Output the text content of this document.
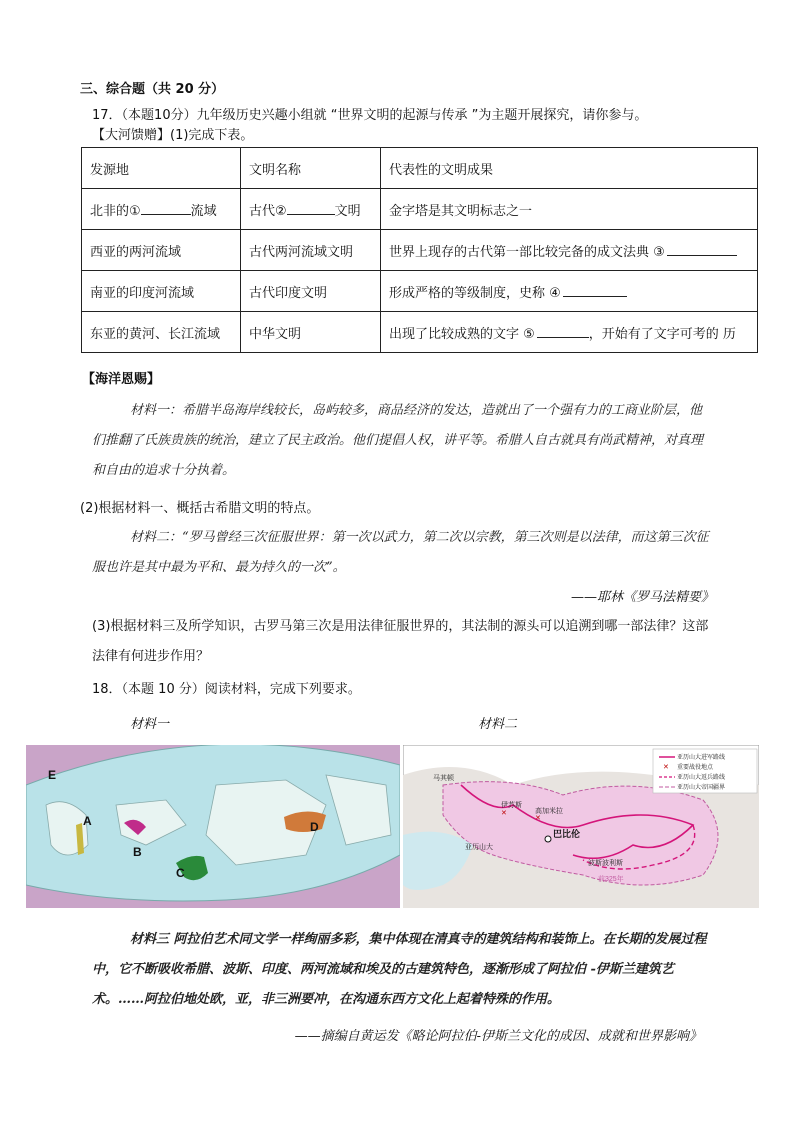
三、综合题（共 20 分）
17．（本题10分）九年级历史兴趣小组就 “世界文明的起源与传承 ”为主题开展探究，请你参与。
【大河馈赠】(1)完成下表。
发源地	文明名称	代表性的文明成果
北非的① 流域	古代② 文明	金字塔是其文明标志之一
西亚的两河流域	古代两河流域文明	世界上现存的古代第一部比较完备的成文法典 ③
南亚的印度河流域	古代印度文明	形成严格的等级制度，史称 ④
东亚的黄河、长江流域	中华文明	出现了比较成熟的文字 ⑤ ，开始有了文字可考的 历
【海洋恩赐】
材料一：希腊半岛海岸线较长，岛屿较多，商品经济的发达，造就出了一个强有力的工商业阶层，他们推翻了氏族贵族的统治，建立了民主政治。他们提倡人权，讲平等。希腊人自古就具有尚武精神，对真理和自由的追求十分执着。
(2)根据材料一、概括古希腊文明的特点。
材料二：“罗马曾经三次征服世界：第一次以武力，第二次以宗教，第三次则是以法律，而这第三次征服也许是其中最为平和、最为持久的一次”。
——耶林《罗马法精要》
(3)根据材料三及所学知识，古罗马第三次是用法律征服世界的，其法制的源头可以追溯到哪一部法律？这部法律有何进步作用？
18．（本题 10 分）阅读材料，完成下列要求。
材料一	材料二
E
A
B
C
D
✕
✕
马其顿
伊苏斯
高加米拉
巴比伦
亚历山大
波斯波利斯
前325年
亚历山大进军路线
✕ 重要战役地点
亚历山大返兵路线
亚历山大帝国疆界
材料三 阿拉伯艺术同文学一样绚丽多彩，集中体现在清真寺的建筑结构和装饰上。在长期的发展过程中，它不断吸收希腊、波斯、印度、两河流域和埃及的古建筑特色，逐渐形成了阿拉伯 -伊斯兰建筑艺术。……阿拉伯地处欧，亚，非三洲要冲，在沟通东西方文化上起着特殊的作用。
——摘编自黄运发《略论阿拉伯-伊斯兰文化的成因、成就和世界影响》
